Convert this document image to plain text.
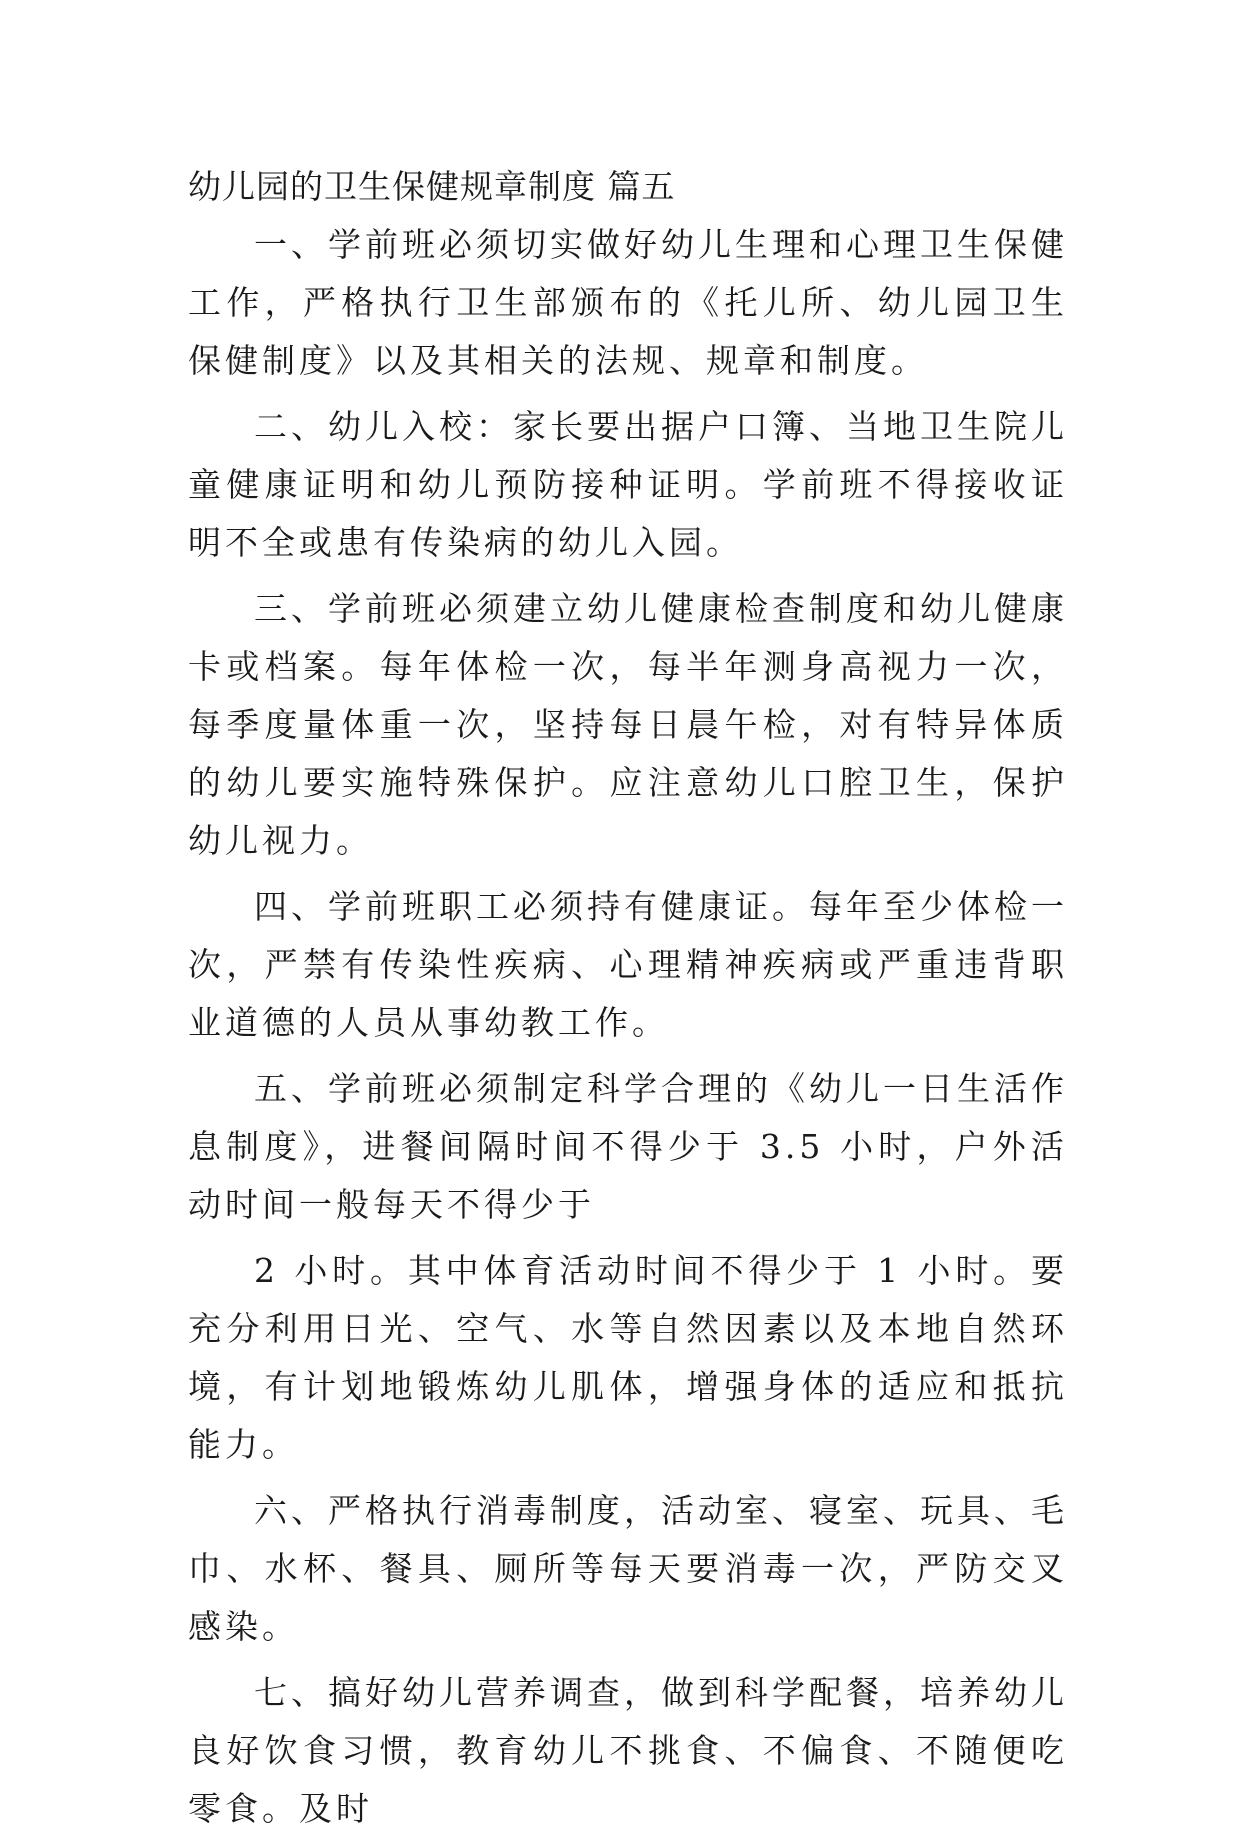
幼儿园的卫生保健规章制度 篇五

一、学前班必须切实做好幼儿生理和心理卫生保健工作，严格执行卫生部颁布的《托儿所、幼儿园卫生保健制度》以及其相关的法规、规章和制度。

二、幼儿入校：家长要出据户口簿、当地卫生院儿童健康证明和幼儿预防接种证明。学前班不得接收证明不全或患有传染病的幼儿入园。

三、学前班必须建立幼儿健康检查制度和幼儿健康卡或档案。每年体检一次，每半年测身高视力一次，每季度量体重一次，坚持每日晨午检，对有特异体质的幼儿要实施特殊保护。应注意幼儿口腔卫生，保护幼儿视力。

四、学前班职工必须持有健康证。每年至少体检一次，严禁有传染性疾病、心理精神疾病或严重违背职业道德的人员从事幼教工作。

五、学前班必须制定科学合理的《幼儿一日生活作息制度》，进餐间隔时间不得少于 3.5 小时，户外活动时间一般每天不得少于

2 小时。其中体育活动时间不得少于 1 小时。要充分利用日光、空气、水等自然因素以及本地自然环境，有计划地锻炼幼儿肌体，增强身体的适应和抵抗能力。

六、严格执行消毒制度，活动室、寝室、玩具、毛巾、水杯、餐具、厕所等每天要消毒一次，严防交叉感染。

七、搞好幼儿营养调查，做到科学配餐，培养幼儿良好饮食习惯，教育幼儿不挑食、不偏食、不随便吃零食。及时
